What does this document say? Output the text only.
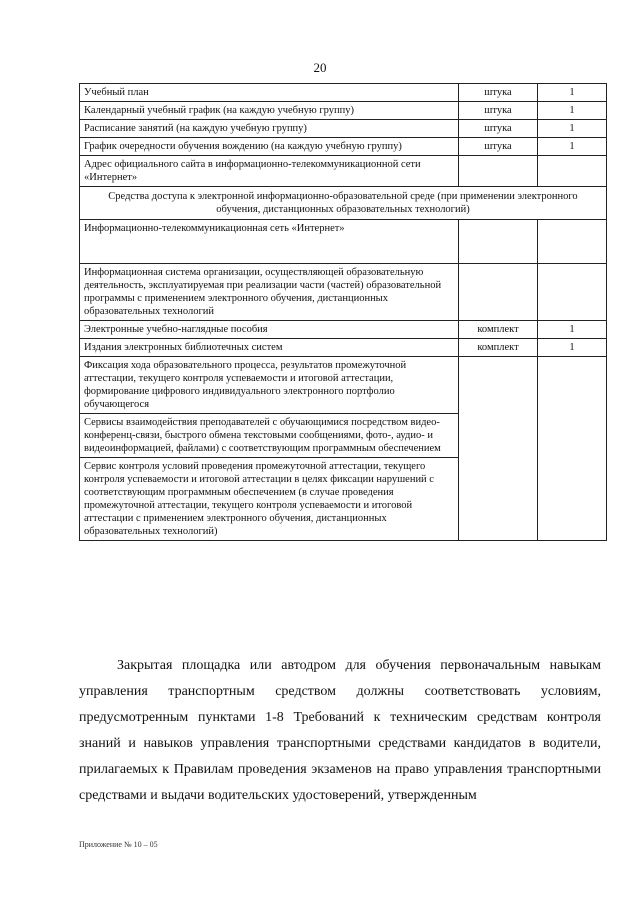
20
Учебный план	штука	1
Календарный учебный график (на каждую учебную группу)	штука	1
Расписание занятий (на каждую учебную группу)	штука	1
График очередности обучения вождению (на каждую учебную группу)	штука	1
Адрес официального сайта в информационно-телекоммуникационной сети «Интернет»		
Средства доступа к электронной информационно-образовательной среде (при применении электронного обучения, дистанционных образовательных технологий)		
Информационно-телекоммуникационная сеть «Интернет»		
Информационная система организации, осуществляющей образовательную деятельность, эксплуатируемая при реализации части (частей) образовательной программы с применением электронного обучения, дистанционных образовательных технологий		
Электронные учебно-наглядные пособия	комплект	1
Издания электронных библиотечных систем	комплект	1
Фиксация хода образовательного процесса, результатов промежуточной аттестации, текущего контроля успеваемости и итоговой аттестации, формирование цифрового индивидуального электронного портфолио обучающегося		
Сервисы взаимодействия преподавателей с обучающимися посредством видео-конференц-связи, быстрого обмена текстовыми сообщениями, фото-, аудио- и видеоинформацией, файлами) с соответствующим программным обеспечением		
Сервис контроля условий проведения промежуточной аттестации, текущего контроля успеваемости и итоговой аттестации в целях фиксации нарушений с соответствующим программным обеспечением (в случае проведения промежуточной аттестации, текущего контроля успеваемости и итоговой аттестации с применением электронного обучения, дистанционных образовательных технологий)		

Закрытая площадка или автодром для обучения первоначальным навыкам управления транспортным средством должны соответствовать условиям, предусмотренным пунктами 1-8 Требований к техническим средствам контроля знаний и навыков управления транспортными средствами кандидатов в водители, прилагаемых к Правилам проведения экзаменов на право управления транспортными средствами и выдачи водительских удостоверений, утвержденным

Приложение № 10 – 05
